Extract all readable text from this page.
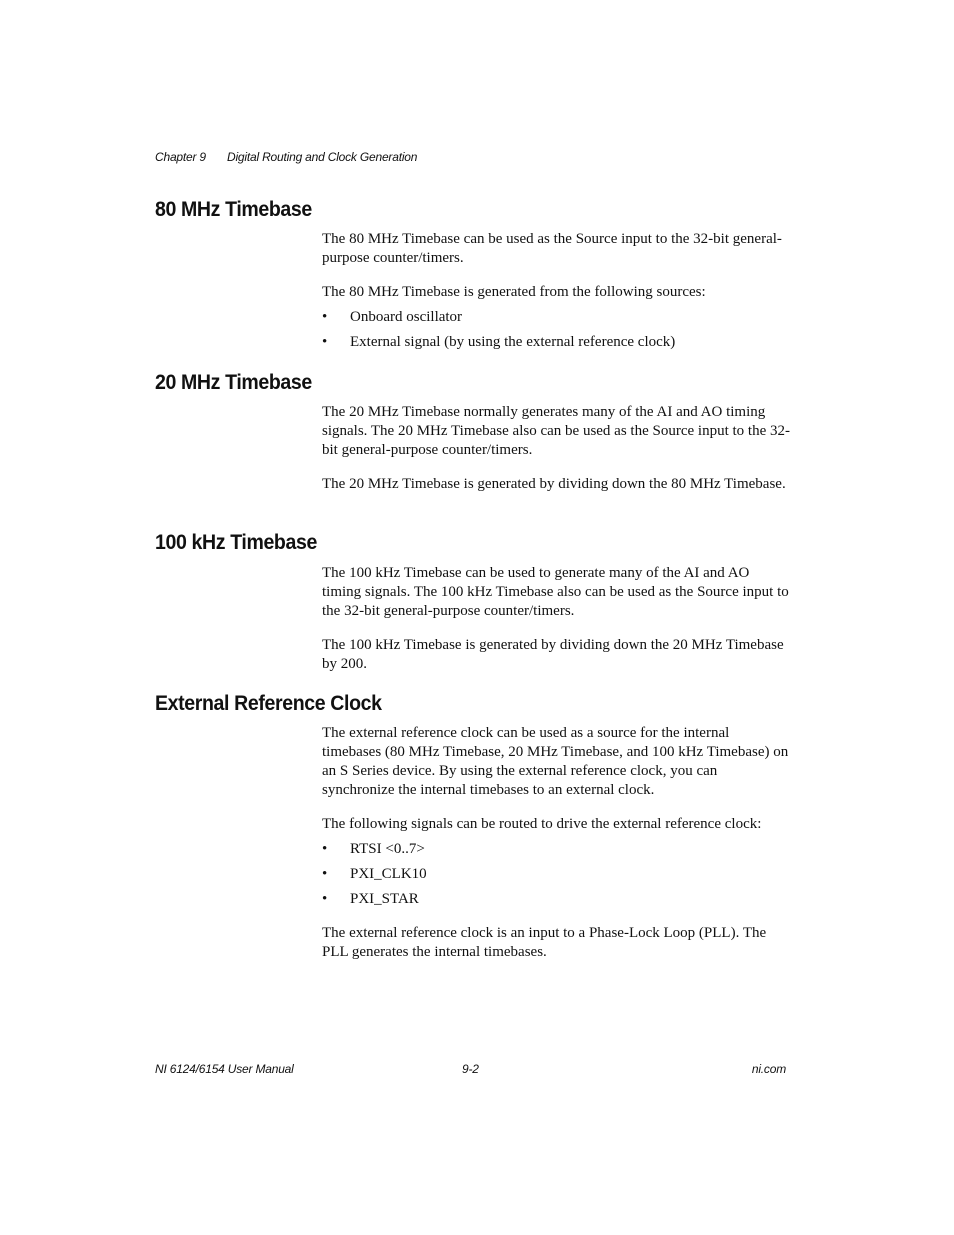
Chapter 9 Digital Routing and Clock Generation
80 MHz Timebase

The 80 MHz Timebase can be used as the Source input to the 32-bit general-purpose counter/timers.

The 80 MHz Timebase is generated from the following sources:

• Onboard oscillator
• External signal (by using the external reference clock)
20 MHz Timebase

The 20 MHz Timebase normally generates many of the AI and AO timing signals. The 20 MHz Timebase also can be used as the Source input to the 32-bit general-purpose counter/timers.

The 20 MHz Timebase is generated by dividing down the 80 MHz Timebase.

100 kHz Timebase

The 100 kHz Timebase can be used to generate many of the AI and AO timing signals. The 100 kHz Timebase also can be used as the Source input to the 32-bit general-purpose counter/timers.

The 100 kHz Timebase is generated by dividing down the 20 MHz Timebase by 200.

External Reference Clock

The external reference clock can be used as a source for the internal timebases (80 MHz Timebase, 20 MHz Timebase, and 100 kHz Timebase) on an S Series device. By using the external reference clock, you can synchronize the internal timebases to an external clock.

The following signals can be routed to drive the external reference clock:

• RTSI <0..7>
• PXI_CLK10
• PXI_STAR

The external reference clock is an input to a Phase-Lock Loop (PLL). The PLL generates the internal timebases.

NI 6124/6154 User Manual	9-2	ni.com
